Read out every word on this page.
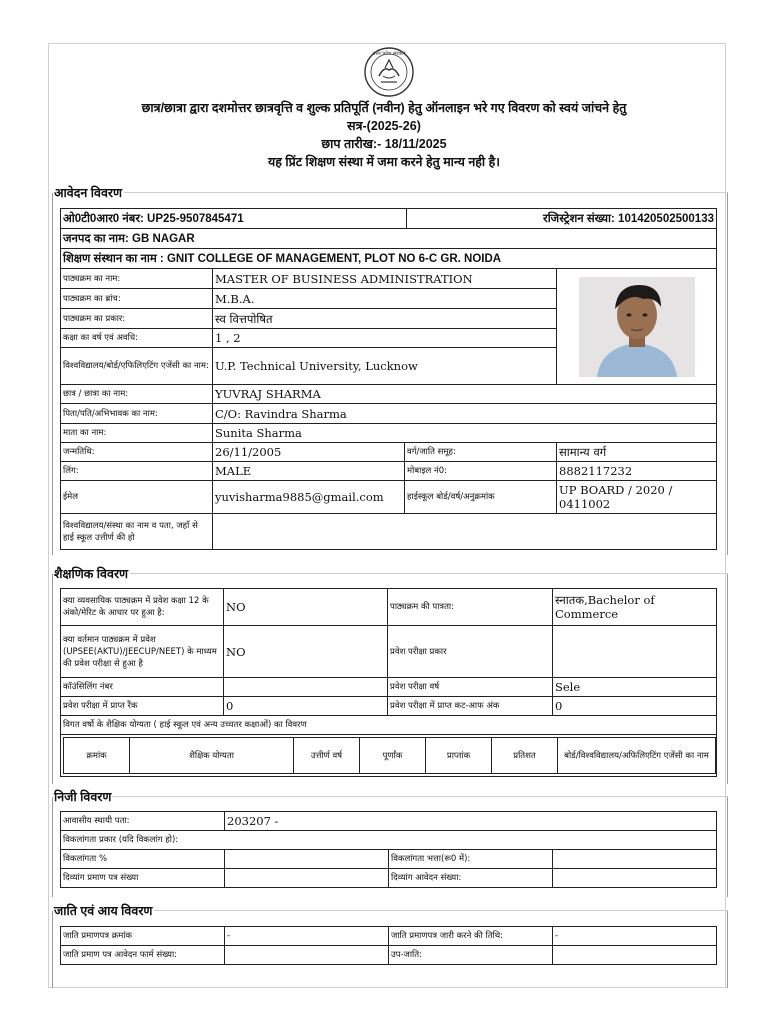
उत्तर प्रदेश सरकार
छात्र/छात्रा द्वारा दशमोत्तर छात्रवृत्ति व शुल्क प्रतिपूर्ति (नवीन) हेतु ऑनलाइन भरे गए विवरण को स्वयं जांचने हेतु
सत्र-(2025-26)
छाप तारीख:- 18/11/2025
यह प्रिंट शिक्षण संस्था में जमा करने हेतु मान्य नही है।
आवेदन विवरण
ओ0टी0आर0 नंबर: UP25-9507845471	रजिस्ट्रेशन संख्या: 101420502500133
जनपद का नाम: GB NAGAR
शिक्षण संस्थान का नाम : GNIT COLLEGE OF MANAGEMENT, PLOT NO 6-C GR. NOIDA
पाठ्यक्रम का नाम:	MASTER OF BUSINESS ADMINISTRATION	

पाठ्यक्रम का ब्रांच:	M.B.A.		
पाठ्यक्रम का प्रकार:	स्व वित्तपोषित		
कक्षा का वर्ष एवं अवधि:	1 , 2		
विश्वविद्यालय/बोर्ड/एफिलिएटिंग एजेंसी का नाम:	U.P. Technical University, Lucknow		
छात्र / छात्रा का नाम:	YUVRAJ SHARMA		
पिता/पति/अभिभावक का नाम:	C/O: Ravindra Sharma		
माता का नाम:	Sunita Sharma		
जन्मतिथि:	26/11/2005	वर्ग/जाति समूह:	सामान्य वर्ग
लिंग:	MALE	मोबाइल नं0:	8882117232
ईमेल	yuvisharma9885@gmail.com	हाईस्कूल बोर्ड/वर्ष/अनुक्रमांक	UP BOARD / 2020 / 0411002
विश्वविद्यालय/संस्था का नाम व पता, जहाँ से हाई स्कूल उत्तीर्ण की हो			
शैक्षणिक विवरण
क्या व्यवसायिक पाठ्यक्रम में प्रवेश कक्षा 12 के अंको/मेरिट के आधार पर हुआ है:	NO	पाठ्यक्रम की पात्रता:	स्नातक,Bachelor of Commerce
क्या वर्तमान पाठ्यक्रम में प्रवेश (UPSEE(AKTU)/JEECUP/NEET) के माध्यम की प्रवेश परीक्षा से हुआ है	NO	प्रवेश परीक्षा प्रकार	
कॉउंसिलिंग नंबर		प्रवेश परीक्षा वर्ष	Sele
प्रवेश परीक्षा में प्राप्त रैंक	0	प्रवेश परीक्षा में प्राप्त कट-आफ अंक	0
विगत वर्षो के शैक्षिक योग्यता ( हाई स्कूल एवं अन्य उच्चतर कक्षाओं) का विवरण

क्रमांक	शैक्षिक योग्यता	उत्तीर्ण वर्ष	पूर्णांक	प्राप्तांक	प्रतिशत	बोर्ड/विश्वविद्यालय/अफिलिएटिंग एजेंसी का नाम
निजी विवरण
आवासीय स्थायी पता:	203207 -		
विकलांगता प्रकार (यदि विकलांग हो):			
विकलांगता %		विकलांगता भत्ता(रू0 में):	
दिव्यांग प्रमाण पत्र संख्या		दिव्यांग आवेदन संख्या:	
जाति एवं आय विवरण
जाति प्रमाणपत्र क्रमांक	-	जाति प्रमाणपत्र जारी करने की तिथि:	-
जाति प्रमाण पत्र आवेदन फार्म संख्या:		उप-जाति:	
